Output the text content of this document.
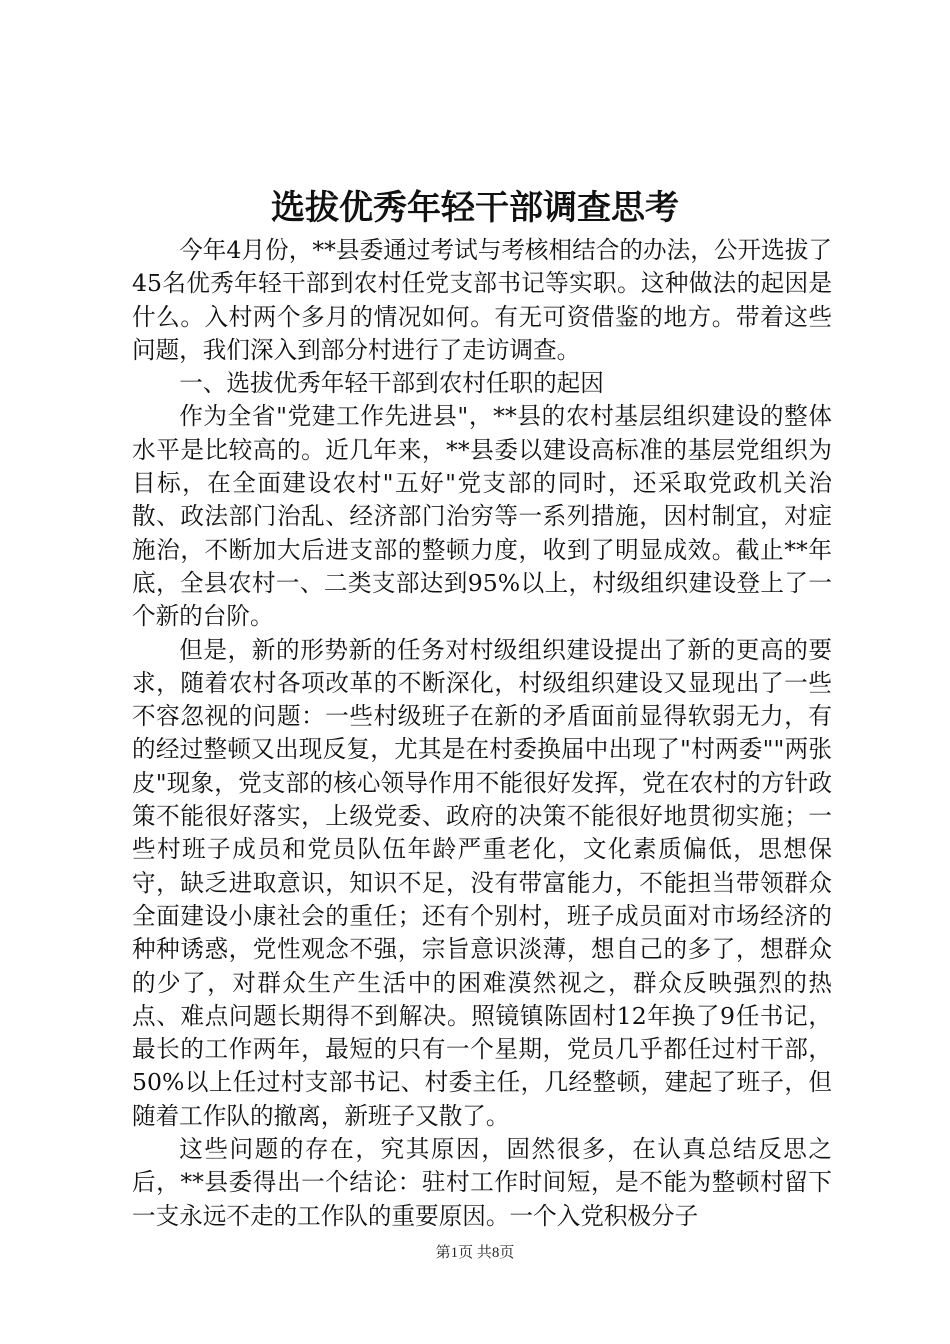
选拔优秀年轻干部调查思考

今年4月份，**县委通过考试与考核相结合的办法，公开选拔了45名优秀年轻干部到农村任党支部书记等实职。这种做法的起因是什么。入村两个多月的情况如何。有无可资借鉴的地方。带着这些问题，我们深入到部分村进行了走访调查。

一、选拔优秀年轻干部到农村任职的起因

作为全省"党建工作先进县"，**县的农村基层组织建设的整体水平是比较高的。近几年来，**县委以建设高标准的基层党组织为目标，在全面建设农村"五好"党支部的同时，还采取党政机关治散、政法部门治乱、经济部门治穷等一系列措施，因村制宜，对症施治，不断加大后进支部的整顿力度，收到了明显成效。截止**年底，全县农村一、二类支部达到95%以上，村级组织建设登上了一个新的台阶。

但是，新的形势新的任务对村级组织建设提出了新的更高的要求，随着农村各项改革的不断深化，村级组织建设又显现出了一些不容忽视的问题：一些村级班子在新的矛盾面前显得软弱无力，有的经过整顿又出现反复，尤其是在村委换届中出现了"村两委""两张皮"现象，党支部的核心领导作用不能很好发挥，党在农村的方针政策不能很好落实，上级党委、政府的决策不能很好地贯彻实施；一些村班子成员和党员队伍年龄严重老化，文化素质偏低，思想保守，缺乏进取意识，知识不足，没有带富能力，不能担当带领群众全面建设小康社会的重任；还有个别村，班子成员面对市场经济的种种诱惑，党性观念不强，宗旨意识淡薄，想自己的多了，想群众的少了，对群众生产生活中的困难漠然视之，群众反映强烈的热点、难点问题长期得不到解决。照镜镇陈固村12年换了9任书记，最长的工作两年，最短的只有一个星期，党员几乎都任过村干部，50%以上任过村支部书记、村委主任，几经整顿，建起了班子，但随着工作队的撤离，新班子又散了。

这些问题的存在，究其原因，固然很多，在认真总结反思之后，**县委得出一个结论：驻村工作时间短，是不能为整顿村留下一支永远不走的工作队的重要原因。一个入党积极分子

第1页 共8页
